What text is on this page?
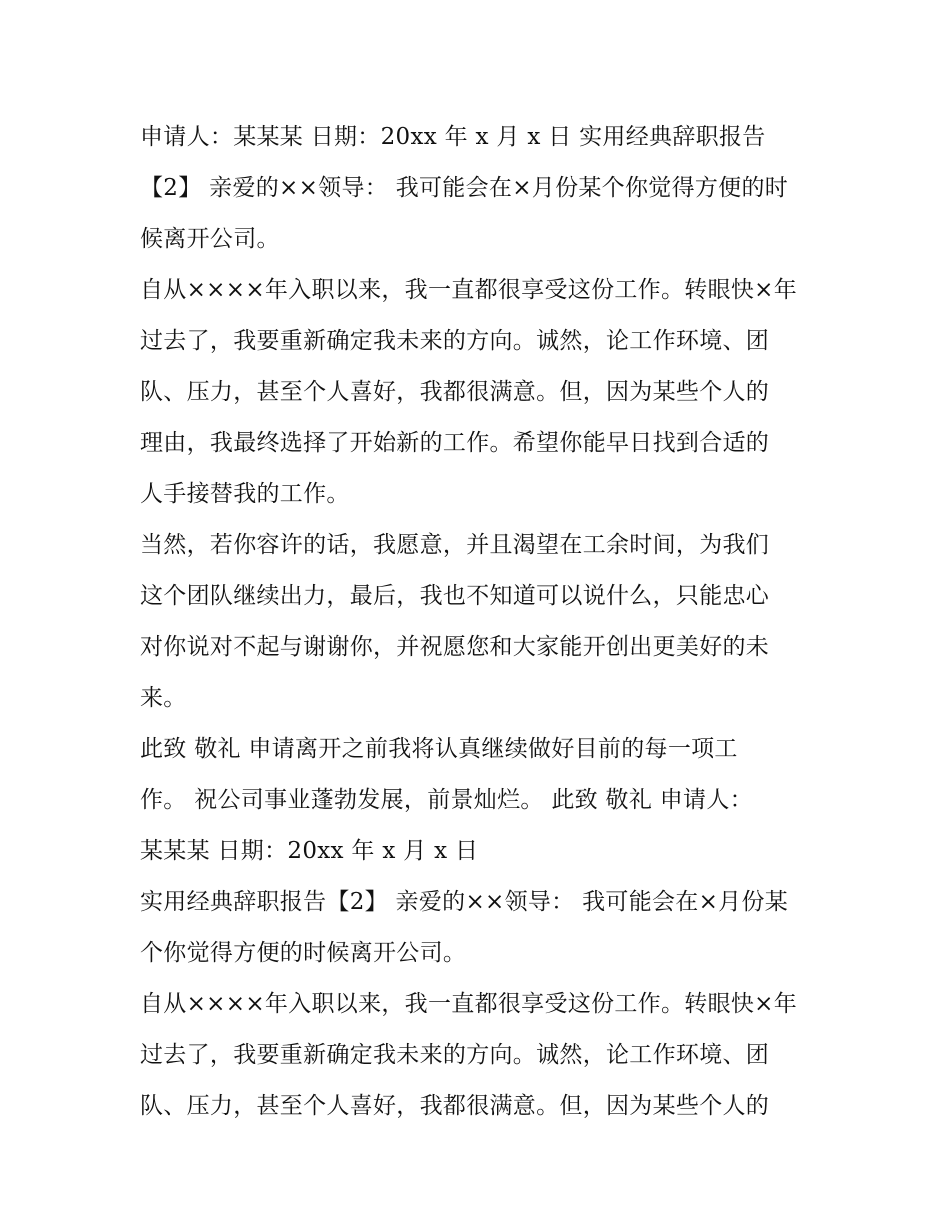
申请人：某某某 日期：20xx 年 x 月 x 日 实用经典辞职报告
【2】 亲爱的××领导： 我可能会在×月份某个你觉得方便的时
候离开公司。
自从××××年入职以来，我一直都很享受这份工作。转眼快×年
过去了，我要重新确定我未来的方向。诚然，论工作环境、团
队、压力，甚至个人喜好，我都很满意。但，因为某些个人的
理由，我最终选择了开始新的工作。希望你能早日找到合适的
人手接替我的工作。
当然，若你容许的话，我愿意，并且渴望在工余时间，为我们
这个团队继续出力，最后，我也不知道可以说什么，只能忠心
对你说对不起与谢谢你，并祝愿您和大家能开创出更美好的未
来。
此致 敬礼 申请离开之前我将认真继续做好目前的每一项工
作。 祝公司事业蓬勃发展，前景灿烂。 此致 敬礼 申请人：
某某某 日期：20xx 年 x 月 x 日
实用经典辞职报告【2】 亲爱的××领导： 我可能会在×月份某
个你觉得方便的时候离开公司。
自从××××年入职以来，我一直都很享受这份工作。转眼快×年
过去了，我要重新确定我未来的方向。诚然，论工作环境、团
队、压力，甚至个人喜好，我都很满意。但，因为某些个人的
